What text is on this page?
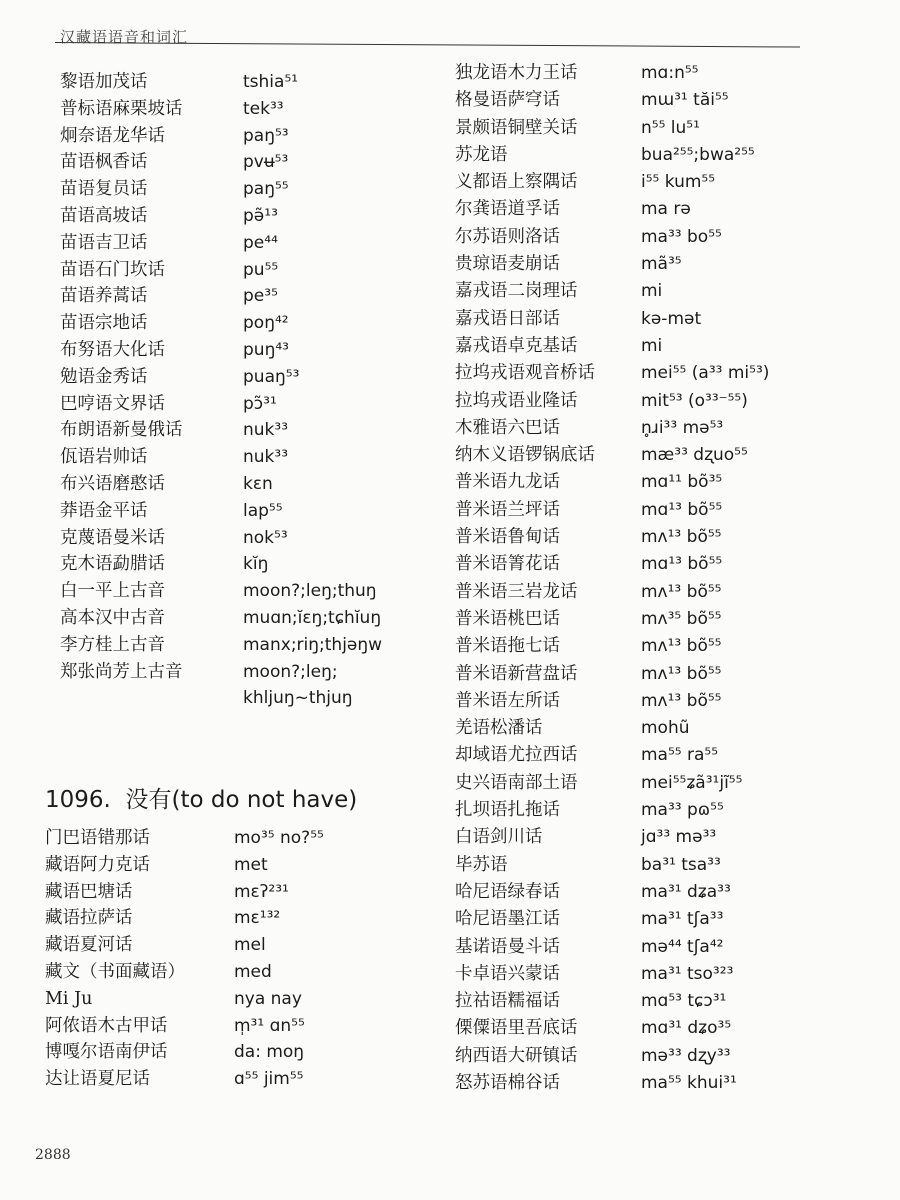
汉藏语语音和词汇
黎语加茂话	tshia⁵¹
普标语麻栗坡话	tek³³
炯奈语龙华话	paŋ⁵³
苗语枫香话	pvʉ⁵³
苗语复员话	paŋ⁵⁵
苗语高坡话	pə̃¹³
苗语吉卫话	pe⁴⁴
苗语石门坎话	pu⁵⁵
苗语养蒿话	pe³⁵
苗语宗地话	poŋ⁴²
布努语大化话	puŋ⁴³
勉语金秀话	puaŋ⁵³
巴哼语文界话	pɔ̃³¹
布朗语新曼俄话	nuk³³
佤语岩帅话	nuk³³
布兴语磨憨话	kɛn
莽语金平话	lap⁵⁵
克蔑语曼米话	nok⁵³
克木语勐腊话	kĭŋ
白一平上古音	moon?;leŋ;thuŋ
高本汉中古音	muɑn;ĭɛŋ;tɕhĭuŋ
李方桂上古音	manx;riŋ;thjəŋw
郑张尚芳上古音	moon?;leŋ;
khljuŋ~thjuŋ
1096. 没有(to do not have)
门巴语错那话	mo³⁵ no?⁵⁵
藏语阿力克话	met
藏语巴塘话	mɛʔ²³¹
藏语拉萨话	mɛ¹³²
藏语夏河话	mel
藏文（书面藏语）	med
Mi Ju	nya nay
阿侬语木古甲话	m̩³¹ ɑn⁵⁵
博嘎尔语南伊话	da: moŋ
达让语夏尼话	ɑ⁵⁵ jim⁵⁵
独龙语木力王话	mɑ:n⁵⁵
格曼语萨穹话	mɯ³¹ tăi⁵⁵
景颇语铜壁关话	n⁵⁵ lu⁵¹
苏龙语	bua²⁵⁵;bwa²⁵⁵
义都语上察隅话	i⁵⁵ kum⁵⁵
尔龚语道孚话	ma rə
尔苏语则洛话	ma³³ bo⁵⁵
贵琼语麦崩话	mã³⁵
嘉戎语二岗理话	mi
嘉戎语日部话	kə-mət
嘉戎语卓克基话	mi
拉坞戎语观音桥话	mei⁵⁵ (a³³ mi⁵³)
拉坞戎语业隆话	mit⁵³ (o³³⁻⁵⁵)
木雅语六巴话	n̥ɹi³³ mə⁵³
纳木义语锣锅底话	mæ³³ dʐuo⁵⁵
普米语九龙话	mɑ¹¹ bõ³⁵
普米语兰坪话	mɑ¹³ bõ⁵⁵
普米语鲁甸话	mʌ¹³ bõ⁵⁵
普米语箐花话	mɑ¹³ bõ⁵⁵
普米语三岩龙话	mʌ¹³ bõ⁵⁵
普米语桃巴话	mʌ³⁵ bõ⁵⁵
普米语拖七话	mʌ¹³ bõ⁵⁵
普米语新营盘话	mʌ¹³ bõ⁵⁵
普米语左所话	mʌ¹³ bõ⁵⁵
羌语松潘话	mohũ
却域语尤拉西话	ma⁵⁵ ra⁵⁵
史兴语南部土语	mei⁵⁵ʑã³¹jĩ⁵⁵
扎坝语扎拖话	ma³³ pɷ⁵⁵
白语剑川话	jɑ³³ mə³³
毕苏语	ba³¹ tsa³³
哈尼语绿春话	ma³¹ dʑa³³
哈尼语墨江话	ma³¹ tʃa³³
基诺语曼斗话	mə⁴⁴ tʃa⁴²
卡卓语兴蒙话	ma³¹ tso³²³
拉祜语糯福话	mɑ⁵³ tɕɔ³¹
傈僳语里吾底话	mɑ³¹ dʑo³⁵
纳西语大研镇话	mə³³ dʐy³³
怒苏语棉谷话	ma⁵⁵ khui³¹
2888
